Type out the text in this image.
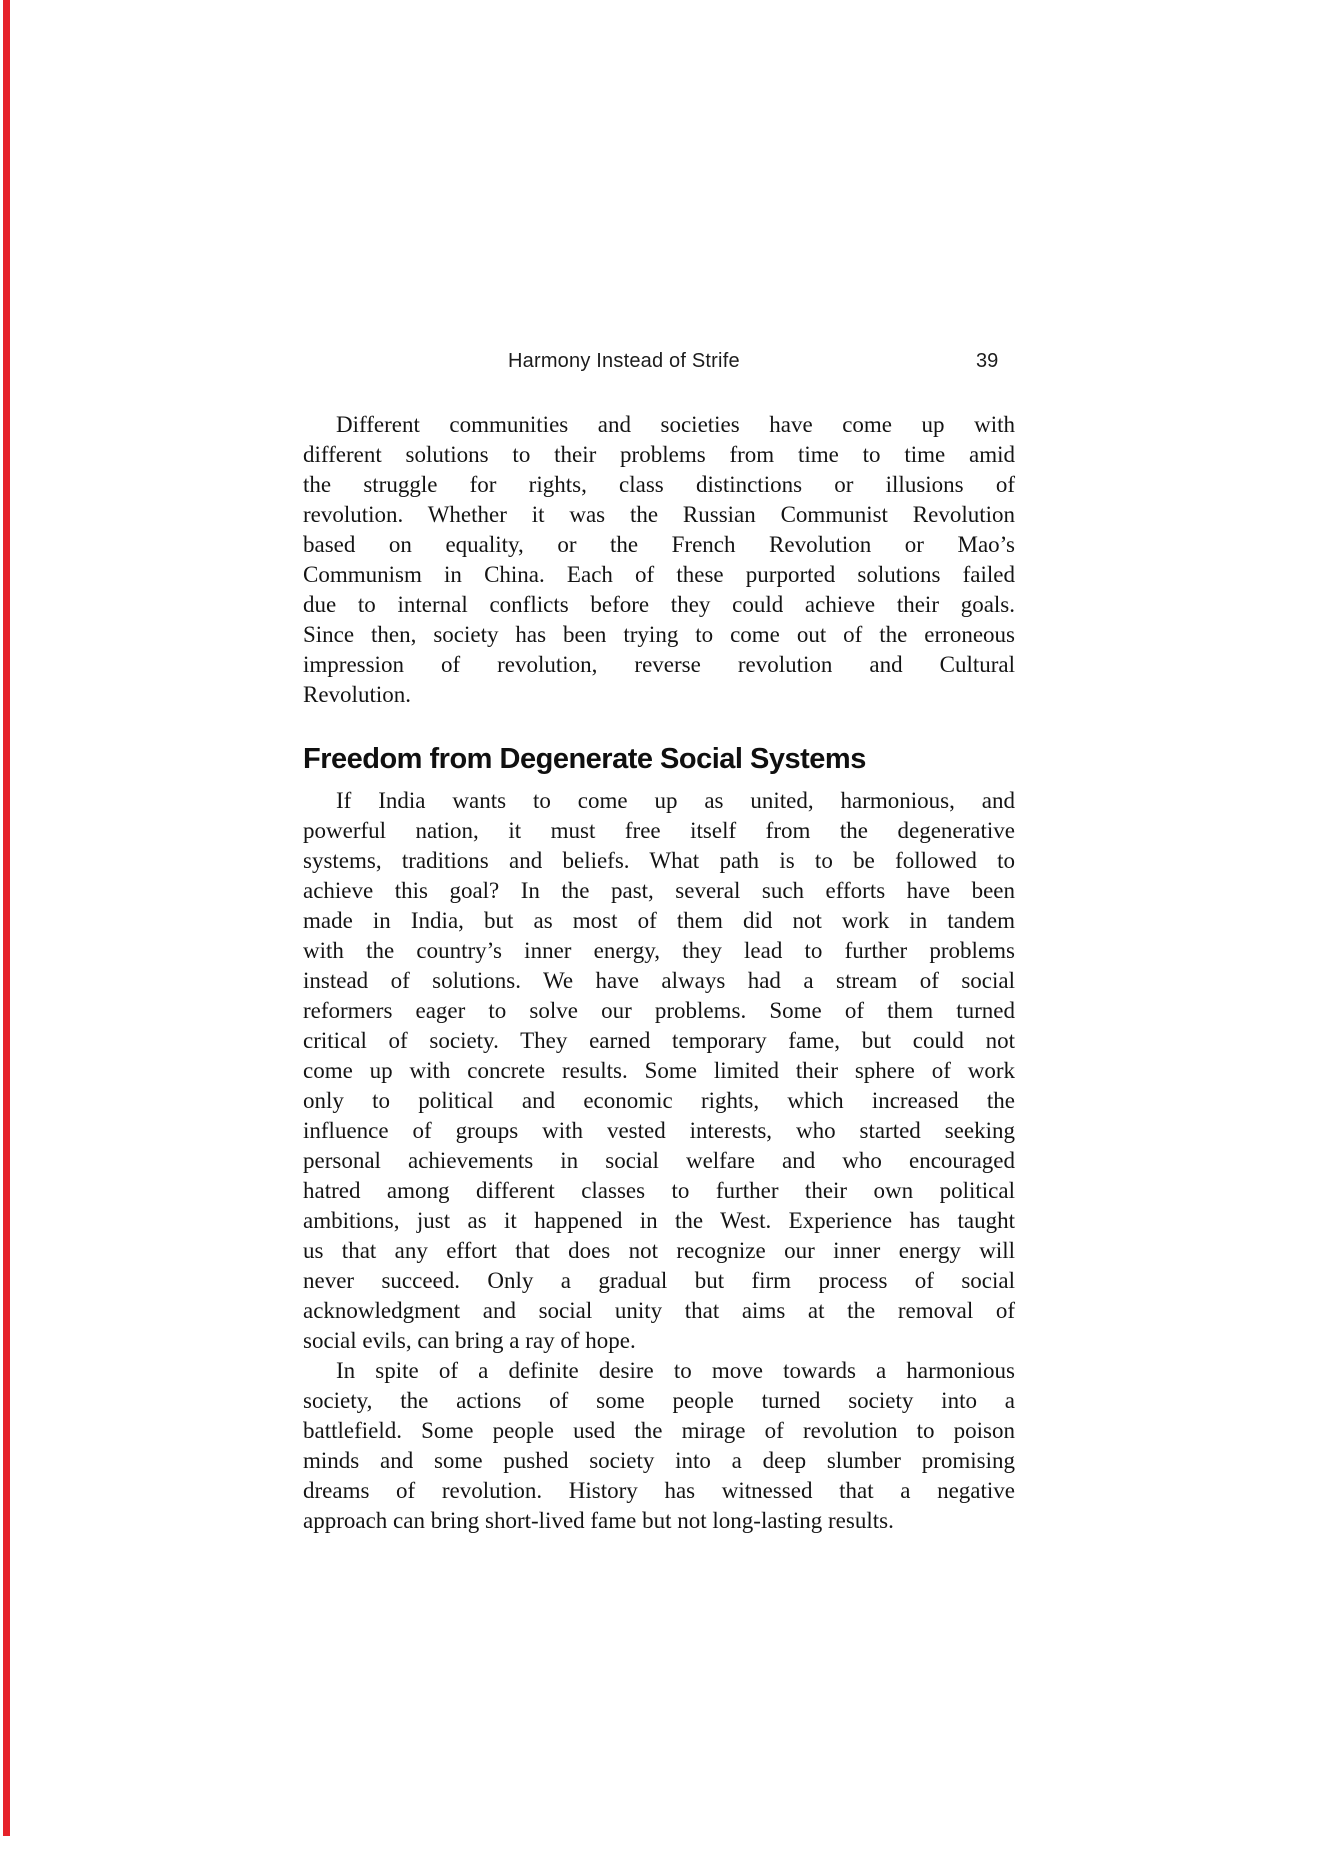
Harmony Instead of Strife	39
Different communities and societies have come up with
different solutions to their problems from time to time amid
the struggle for rights, class distinctions or illusions of
revolution. Whether it was the Russian Communist Revolution
based on equality, or the French Revolution or Mao’s
Communism in China. Each of these purported solutions failed
due to internal conflicts before they could achieve their goals.
Since then, society has been trying to come out of the erroneous
impression of revolution, reverse revolution and Cultural
Revolution.
Freedom from Degenerate Social Systems
If India wants to come up as united, harmonious, and
powerful nation, it must free itself from the degenerative
systems, traditions and beliefs. What path is to be followed to
achieve this goal? In the past, several such efforts have been
made in India, but as most of them did not work in tandem
with the country’s inner energy, they lead to further problems
instead of solutions. We have always had a stream of social
reformers eager to solve our problems. Some of them turned
critical of society. They earned temporary fame, but could not
come up with concrete results. Some limited their sphere of work
only to political and economic rights, which increased the
influence of groups with vested interests, who started seeking
personal achievements in social welfare and who encouraged
hatred among different classes to further their own political
ambitions, just as it happened in the West. Experience has taught
us that any effort that does not recognize our inner energy will
never succeed. Only a gradual but firm process of social
acknowledgment and social unity that aims at the removal of
social evils, can bring a ray of hope.
In spite of a definite desire to move towards a harmonious
society, the actions of some people turned society into a
battlefield. Some people used the mirage of revolution to poison
minds and some pushed society into a deep slumber promising
dreams of revolution. History has witnessed that a negative
approach can bring short-lived fame but not long-lasting results.
